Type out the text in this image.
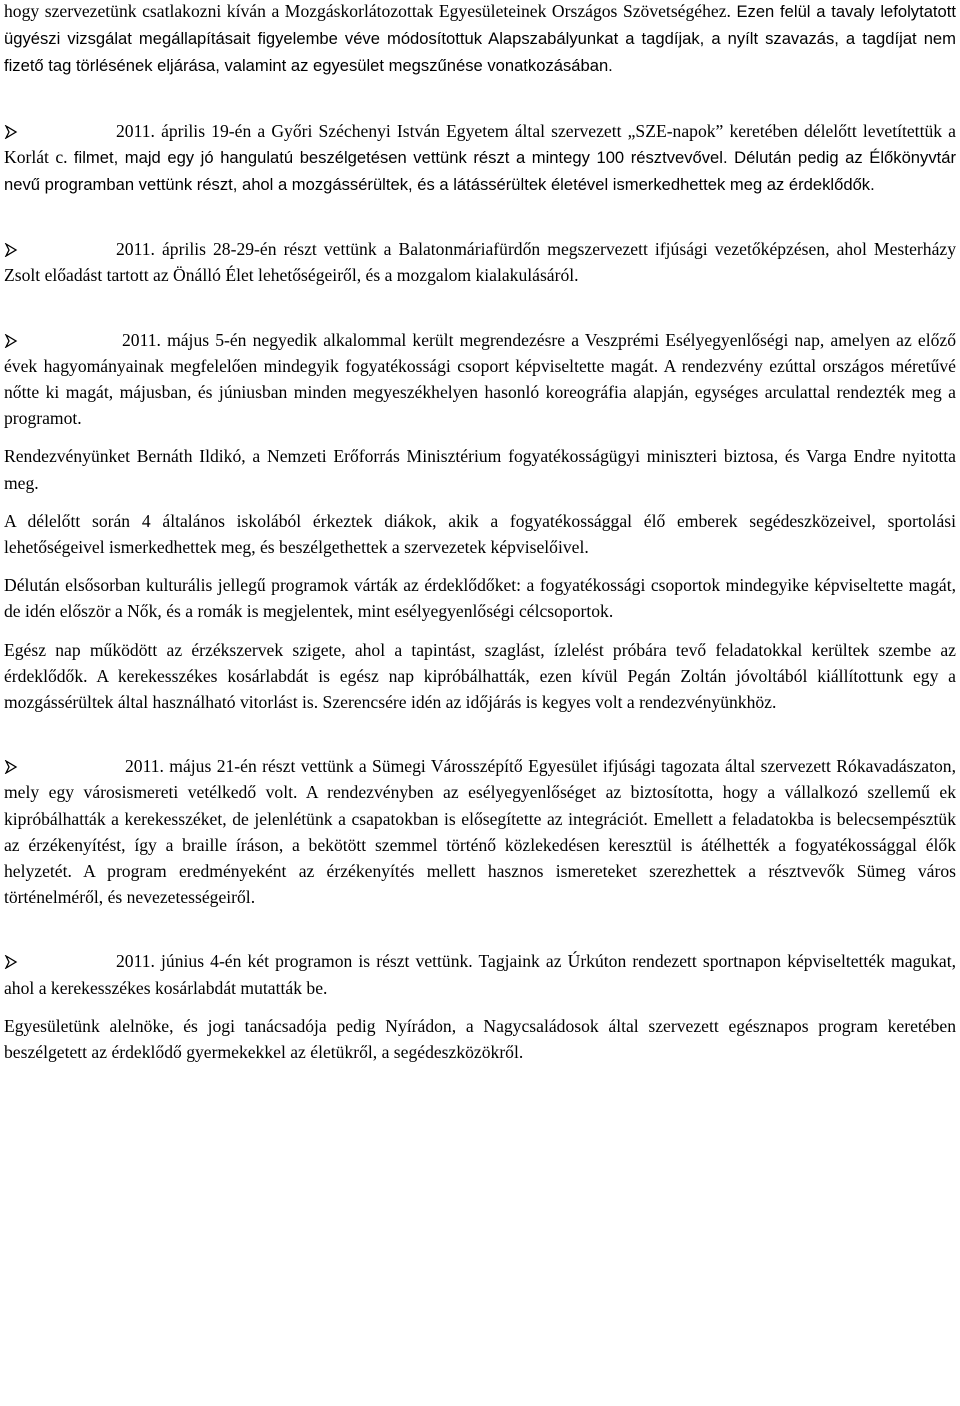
hogy szervezetünk csatlakozni kíván a Mozgáskorlátozottak Egyesületeinek Országos Szövetségéhez. Ezen felül a tavaly lefolytatott ügyészi vizsgálat megállapításait figyelembe véve módosítottuk Alapszabályunkat a tagdíjak, a nyílt szavazás, a tagdíjat nem fizető tag törlésének eljárása, valamint az egyesület megszűnése vonatkozásában.

2011. április 19-én a Győri Széchenyi István Egyetem által szervezett „SZE-napok” keretében délelőtt levetítettük a Korlát c. filmet, majd egy jó hangulatú beszélgetésen vettünk részt a mintegy 100 résztvevővel. Délután pedig az Élőkönyvtár nevű programban vettünk részt, ahol a mozgássérültek, és a látássérültek életével ismerkedhettek meg az érdeklődők.

2011. április 28-29-én részt vettünk a Balatonmáriafürdőn megszervezett ifjúsági vezetőképzésen, ahol Mesterházy Zsolt előadást tartott az Önálló Élet lehetőségeiről, és a mozgalom kialakulásáról.

2011. május 5-én negyedik alkalommal került megrendezésre a Veszprémi Esélyegyenlőségi nap, amelyen az előző évek hagyományainak megfelelően mindegyik fogyatékossági csoport képviseltette magát. A rendezvény ezúttal országos méretűvé nőtte ki magát, májusban, és júniusban minden megyeszékhelyen hasonló koreográfia alapján, egységes arculattal rendezték meg a programot.

Rendezvényünket Bernáth Ildikó, a Nemzeti Erőforrás Minisztérium fogyatékosságügyi miniszteri biztosa, és Varga Endre nyitotta meg.

A délelőtt során 4 általános iskolából érkeztek diákok, akik a fogyatékossággal élő emberek segédeszközeivel, sportolási lehetőségeivel ismerkedhettek meg, és beszélgethettek a szervezetek képviselőivel.

Délután elsősorban kulturális jellegű programok várták az érdeklődőket: a fogyatékossági csoportok mindegyike képviseltette magát, de idén először a Nők, és a romák is megjelentek, mint esélyegyenlőségi célcsoportok.

Egész nap működött az érzékszervek szigete, ahol a tapintást, szaglást, ízlelést próbára tevő feladatokkal kerültek szembe az érdeklődők. A kerekesszékes kosárlabdát is egész nap kipróbálhatták, ezen kívül Pegán Zoltán jóvoltából kiállítottunk egy a mozgássérültek által használható vitorlást is. Szerencsére idén az időjárás is kegyes volt a rendezvényünkhöz.

2011. május 21-én részt vettünk a Sümegi Városszépítő Egyesület ifjúsági tagozata által szervezett Rókavadászaton, mely egy városismereti vetélkedő volt. A rendezvényben az esélyegyenlőséget az biztosította, hogy a vállalkozó szellemű ek kipróbálhatták a kerekesszéket, de jelenlétünk a csapatokban is elősegítette az integrációt. Emellett a feladatokba is belecsempésztük az érzékenyítést, így a braille íráson, a bekötött szemmel történő közlekedésen keresztül is átélhették a fogyatékossággal élők helyzetét. A program eredményeként az érzékenyítés mellett hasznos ismereteket szerezhettek a résztvevők Sümeg város történelméről, és nevezetességeiről.

2011. június 4-én két programon is részt vettünk. Tagjaink az Úrkúton rendezett sportnapon képviseltették magukat, ahol a kerekesszékes kosárlabdát mutatták be.

Egyesületünk alelnöke, és jogi tanácsadója pedig Nyírádon, a Nagycsaládosok által szervezett egésznapos program keretében beszélgetett az érdeklődő gyermekekkel az életükről, a segédeszközökről.
